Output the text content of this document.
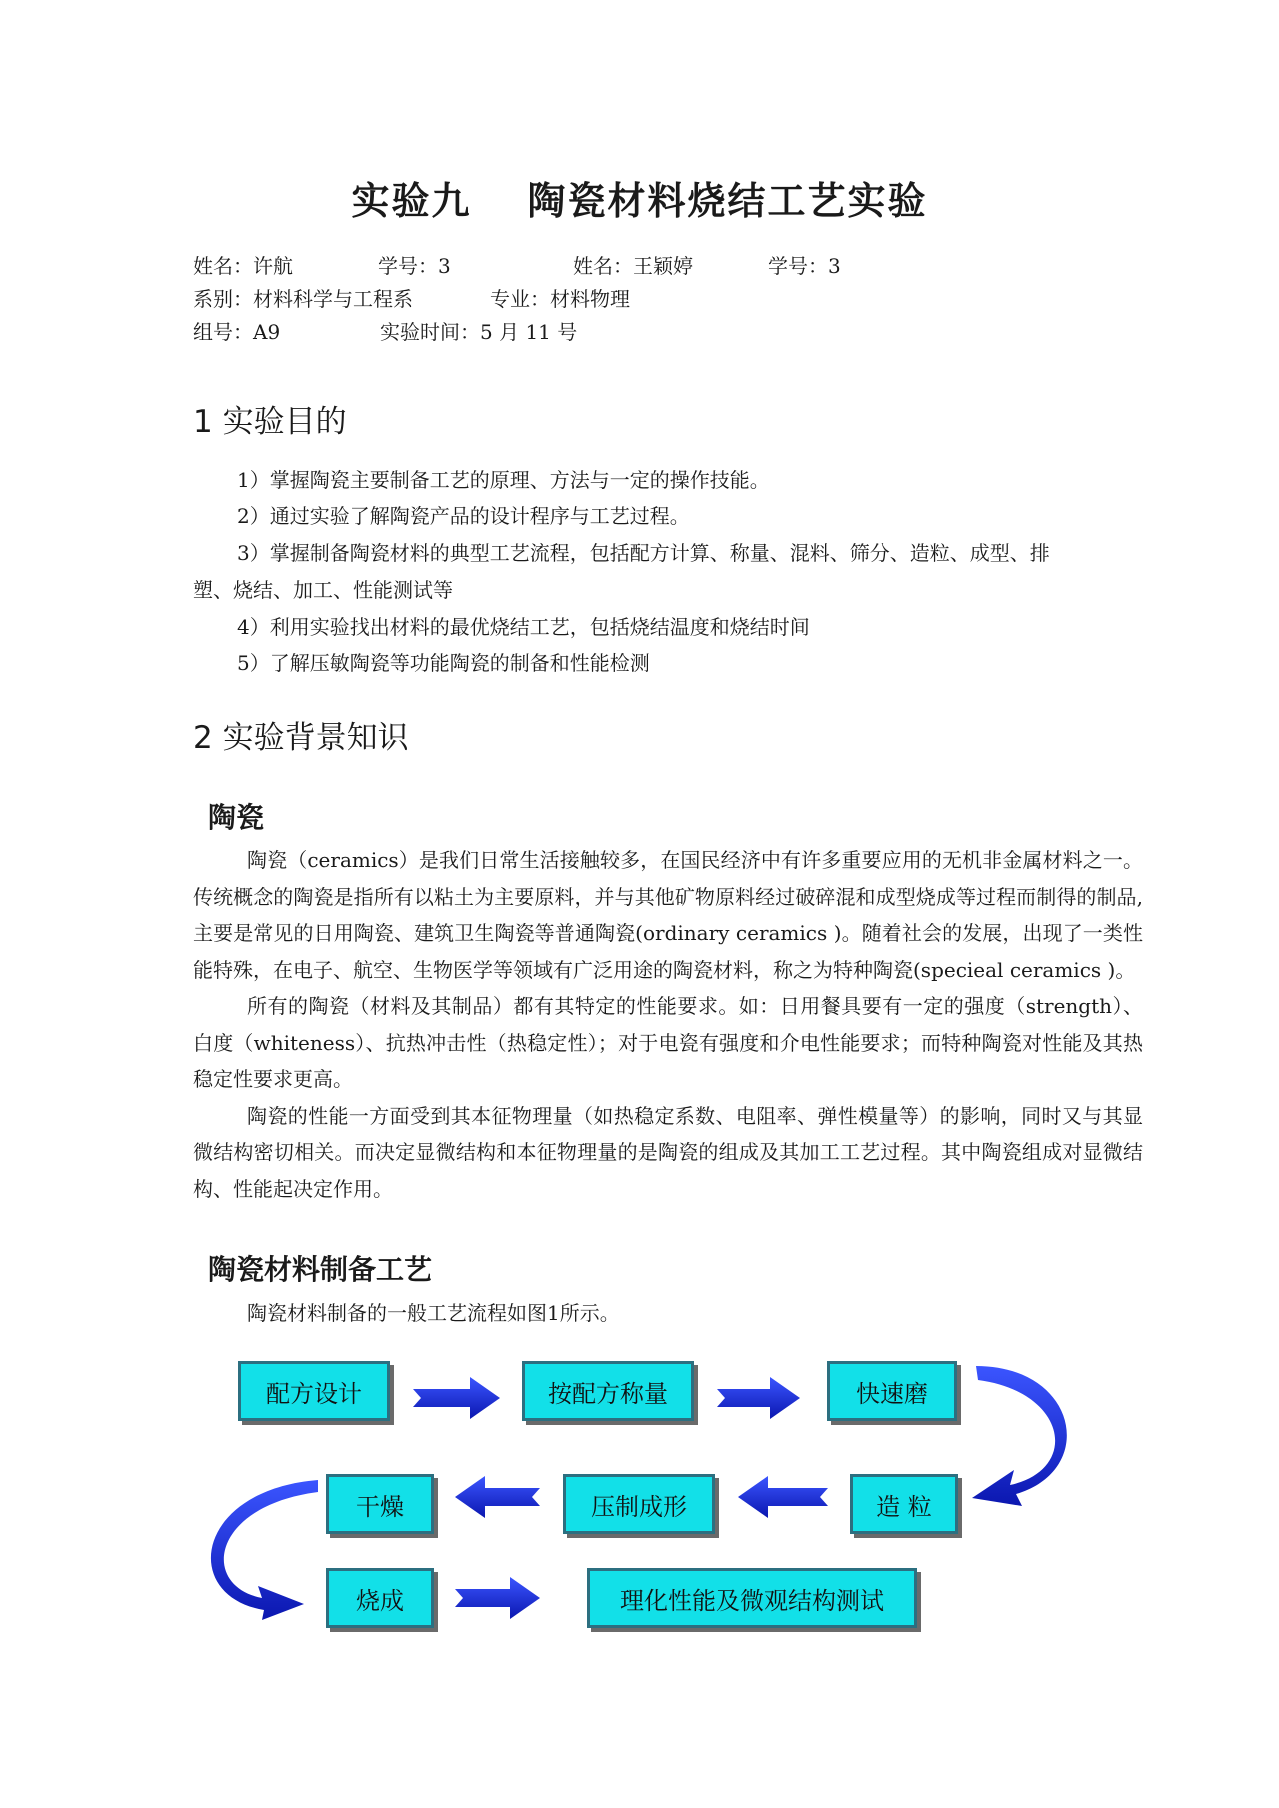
实验九 陶瓷材料烧结工艺实验
姓名：许航	学号：3	姓名：王颖婷	学号：3
系别：材料科学与工程系	专业：材料物理
组号：A9	实验时间：5 月 11 号
1 实验目的
1）掌握陶瓷主要制备工艺的原理、方法与一定的操作技能。
2）通过实验了解陶瓷产品的设计程序与工艺过程。
3）掌握制备陶瓷材料的典型工艺流程，包括配方计算、称量、混料、筛分、造粒、成型、排
塑、烧结、加工、性能测试等
4）利用实验找出材料的最优烧结工艺，包括烧结温度和烧结时间
5）了解压敏陶瓷等功能陶瓷的制备和性能检测
2 实验背景知识
陶瓷

陶瓷（ceramics）是我们日常生活接触较多，在国民经济中有许多重要应用的无机非金属材料之一。传统概念的陶瓷是指所有以粘土为主要原料，并与其他矿物原料经过破碎混和成型烧成等过程而制得的制品,主要是常见的日用陶瓷、建筑卫生陶瓷等普通陶瓷(ordinary ceramics )。随着社会的发展，出现了一类性能特殊，在电子、航空、生物医学等领域有广泛用途的陶瓷材料，称之为特种陶瓷(specieal ceramics )。

所有的陶瓷（材料及其制品）都有其特定的性能要求。如：日用餐具要有一定的强度（strength）、白度（whiteness）、抗热冲击性（热稳定性）；对于电瓷有强度和介电性能要求；而特种陶瓷对性能及其热稳定性要求更高。

陶瓷的性能一方面受到其本征物理量（如热稳定系数、电阻率、弹性模量等）的影响，同时又与其显微结构密切相关。而决定显微结构和本征物理量的是陶瓷的组成及其加工工艺过程。其中陶瓷组成对显微结构、性能起决定作用。

陶瓷材料制备工艺
陶瓷材料制备的一般工艺流程如图1所示。
配方设计	按配方称量	快速磨
造 粒
压制成形
干燥
烧成	理化性能及微观结构测试
